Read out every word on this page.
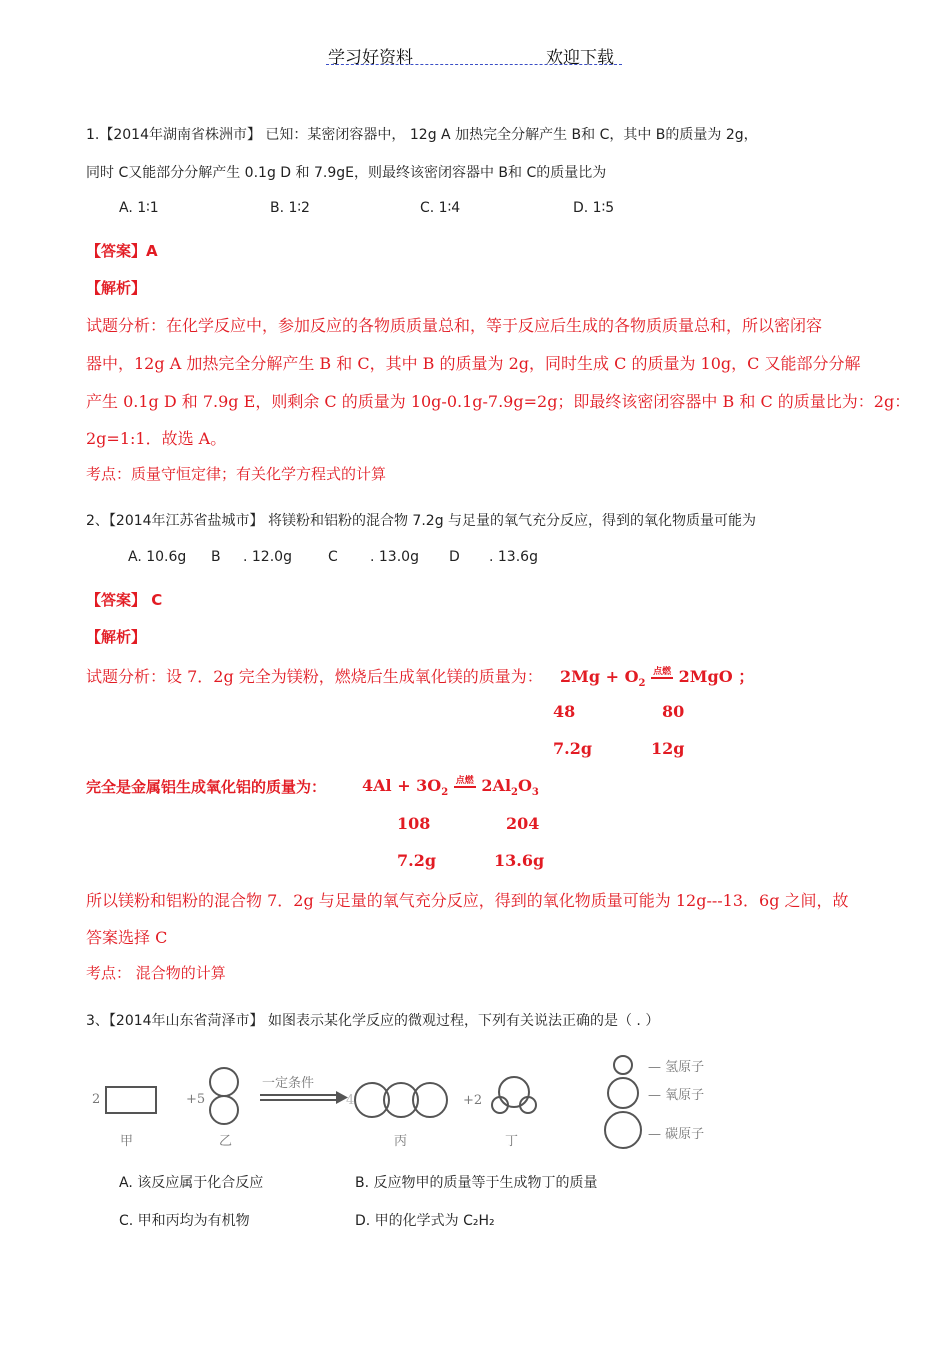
学习好资料	欢迎下载
1.【2014年湖南省株洲市】 已知：某密闭容器中， 12g A 加热完全分解产生 B和 C，其中 B的质量为 2g，
同时 C又能部分分解产生 0.1g D 和 7.9gE，则最终该密闭容器中 B和 C的质量比为
A. 1∶1	B. 1∶2	C. 1∶4	D. 1∶5
【答案】A
【解析】
试题分析：在化学反应中，参加反应的各物质质量总和，等于反应后生成的各物质质量总和，所以密闭容
器中，12g A 加热完全分解产生 B 和 C，其中 B 的质量为 2g，同时生成 C 的质量为 10g，C 又能部分分解
产生 0.1g D 和 7.9g E，则剩余 C 的质量为 10g-0.1g-7.9g=2g；即最终该密闭容器中 B 和 C 的质量比为：2g：
2g=1:1．故选 A。
考点：质量守恒定律；有关化学方程式的计算
2、【2014年江苏省盐城市】 将镁粉和铝粉的混合物 7.2g 与足量的氧气充分反应，得到的氧化物质量可能为
A. 10.6g B . 12.0g	C . 13.0g D . 13.6g
【答案】 C
【解析】
试题分析：设 7．2g 完全为镁粉，燃烧后生成氧化镁的质量为： $2Mg + O_2$ $^{点燃}$ 2MgO ；
48	80
7.2g	12g
完全是金属铝生成氧化铝的质量为： $4Al + 3O_2$ $^{点燃}$ $2Al_2O_3$
108	204
7.2g	13.6g
所以镁粉和铝粉的混合物 7．2g 与足量的氧气充分反应，得到的氧化物质量可能为 12g---13．6g 之间，故
答案选择 C
考点： 混合物的计算
3、【2014年山东省菏泽市】 如图表示某化学反应的微观过程，下列有关说法正确的是（ . ）
2
甲
+5
乙
一定条件
4
丙
+2
丁
— 氢原子
— 氧原子
— 碳原子
A. 该反应属于化合反应	B. 反应物甲的质量等于生成物丁的质量
C. 甲和丙均为有机物	D. 甲的化学式为 C₂H₂
